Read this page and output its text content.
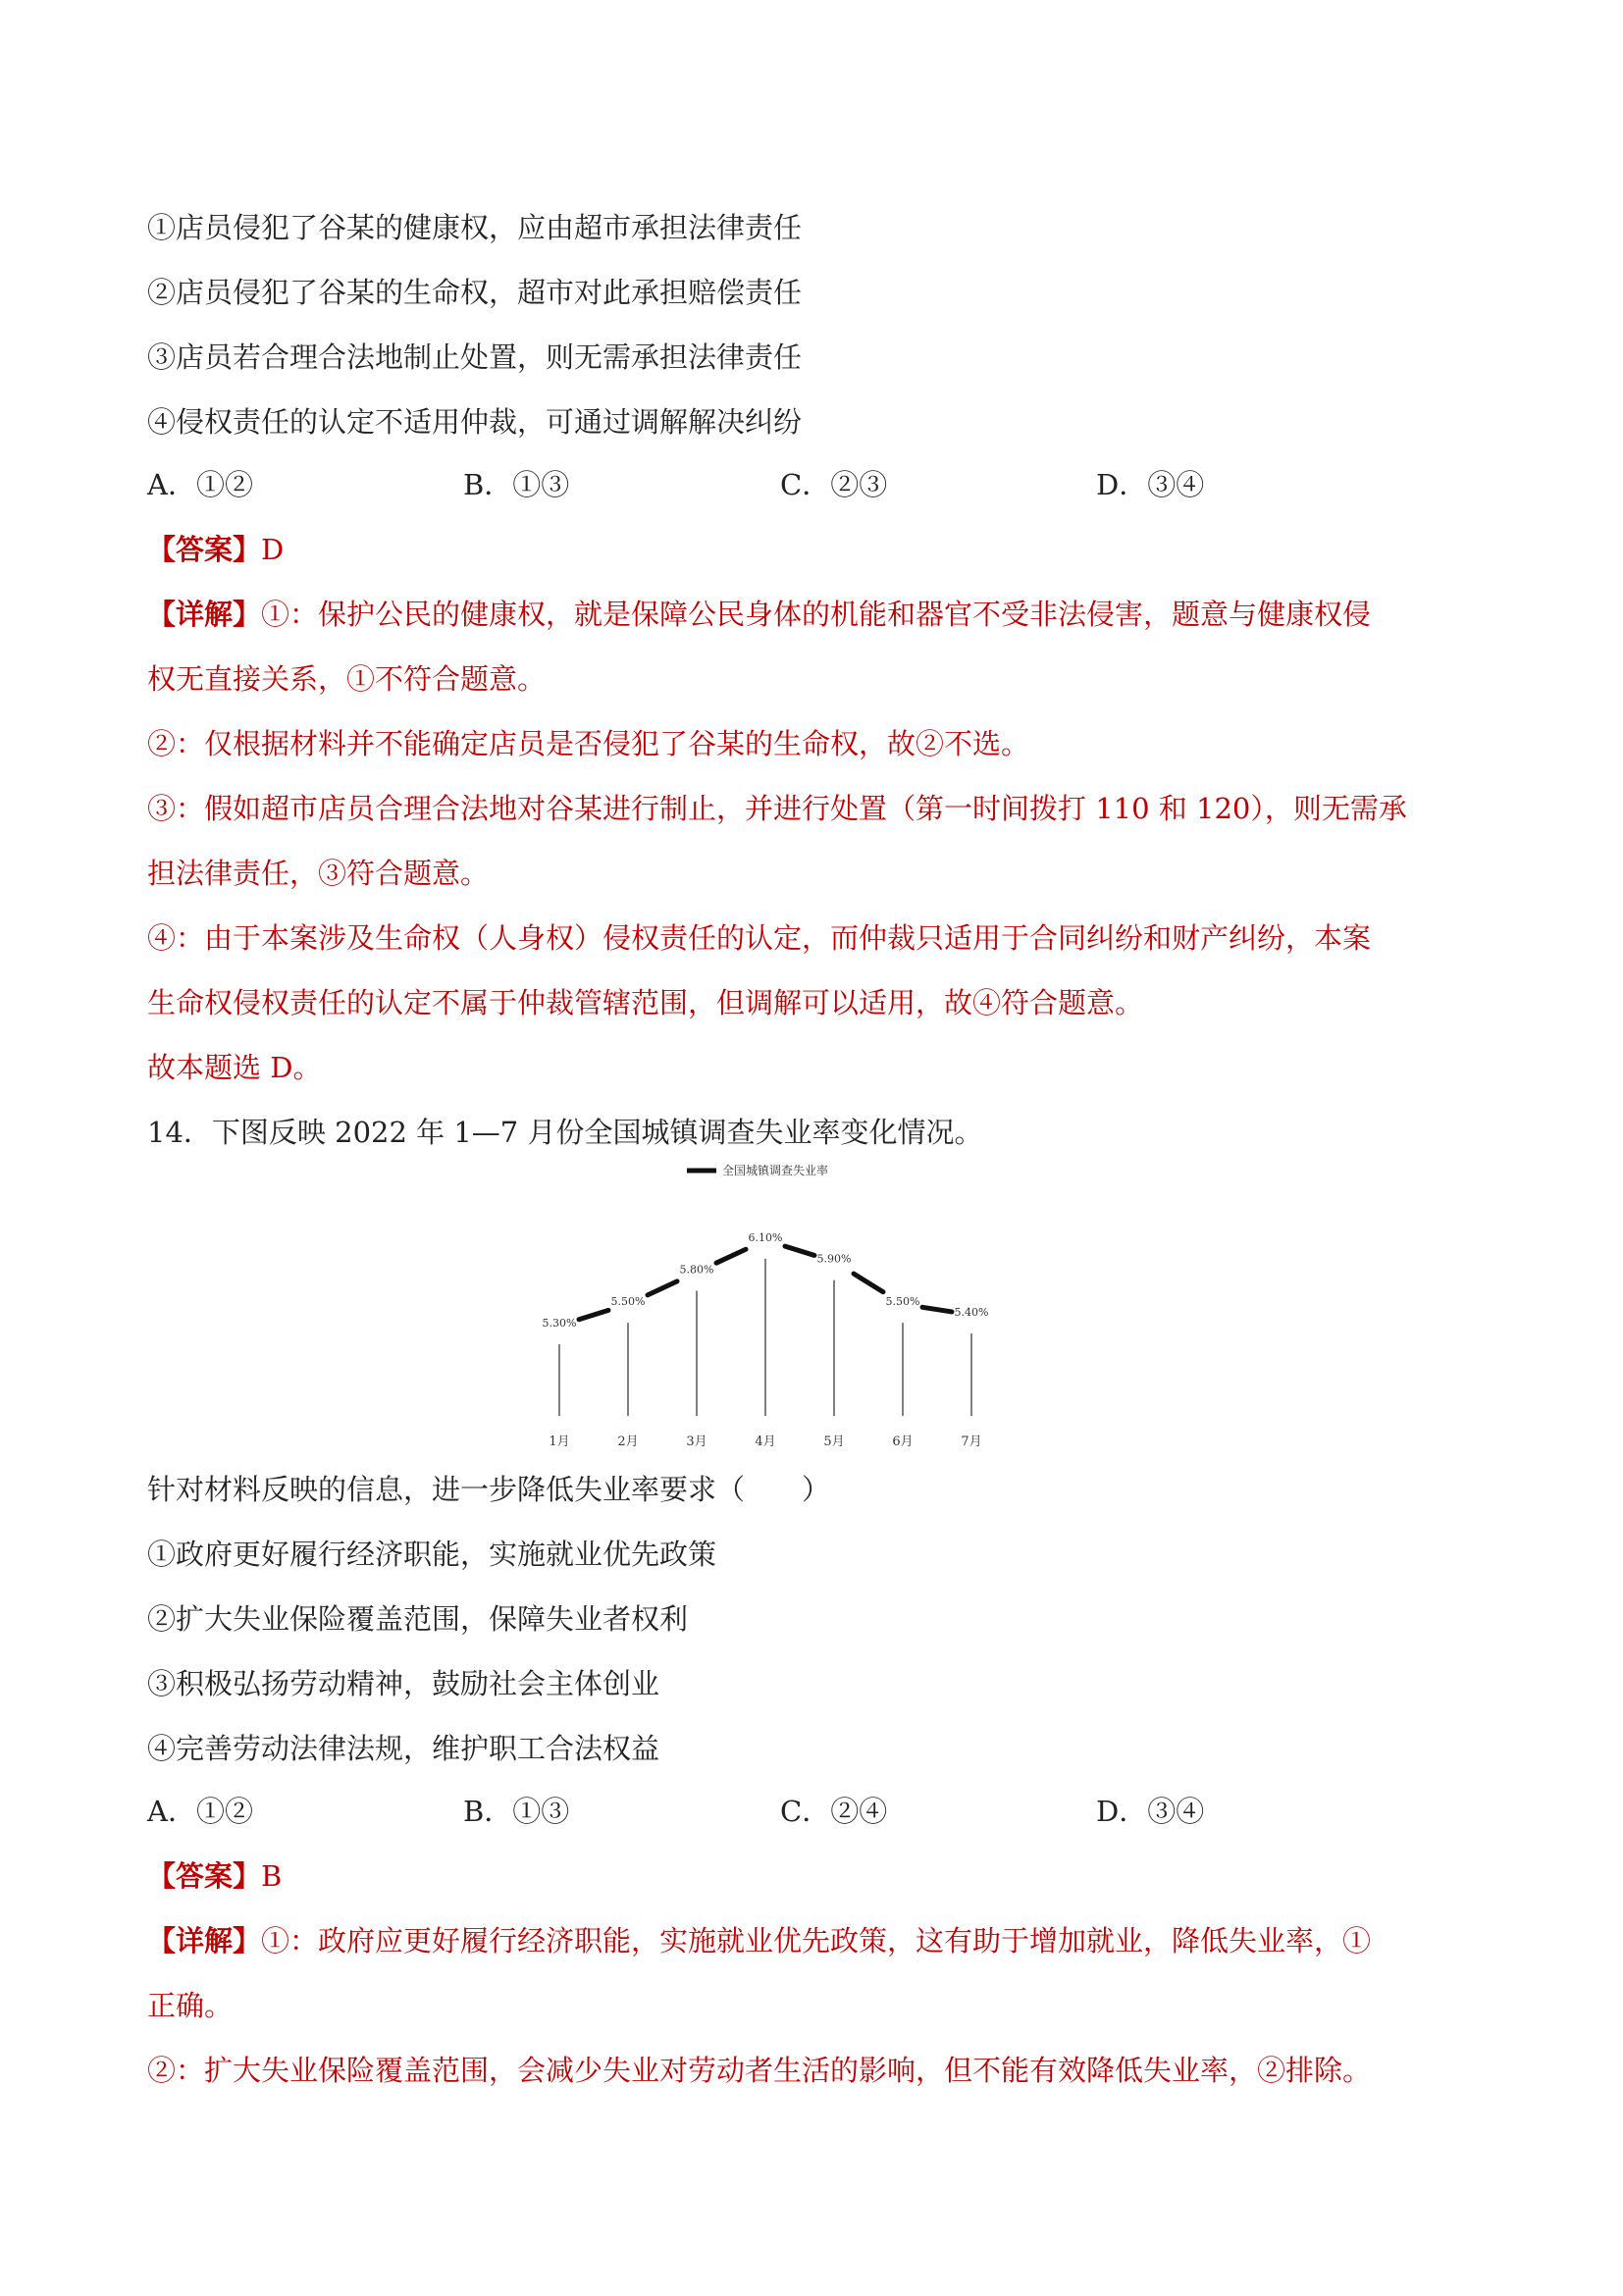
①店员侵犯了谷某的健康权，应由超市承担法律责任
②店员侵犯了谷某的生命权，超市对此承担赔偿责任
③店员若合理合法地制止处置，则无需承担法律责任
④侵权责任的认定不适用仲裁，可通过调解解决纠纷
A．①②	B．①③	C．②③	D．③④
【答案】D
【详解】①：保护公民的健康权，就是保障公民身体的机能和器官不受非法侵害，题意与健康权侵
权无直接关系，①不符合题意。
②：仅根据材料并不能确定店员是否侵犯了谷某的生命权，故②不选。
③：假如超市店员合理合法地对谷某进行制止，并进行处置（第一时间拨打 110 和 120），则无需承
担法律责任，③符合题意。
④：由于本案涉及生命权（人身权）侵权责任的认定，而仲裁只适用于合同纠纷和财产纠纷，本案
生命权侵权责任的认定不属于仲裁管辖范围，但调解可以适用，故④符合题意。
故本题选 D。
14．下图反映 2022 年 1—7 月份全国城镇调查失业率变化情况。
全国城镇调查失业率
5.30%
5.50%
5.80%
6.10%
5.90%
5.50%
5.40%
1月	2月	3月	4月	5月	6月	7月
针对材料反映的信息，进一步降低失业率要求（　　）
①政府更好履行经济职能，实施就业优先政策
②扩大失业保险覆盖范围，保障失业者权利
③积极弘扬劳动精神，鼓励社会主体创业
④完善劳动法律法规，维护职工合法权益
A．①②	B．①③	C．②④	D．③④
【答案】B
【详解】①：政府应更好履行经济职能，实施就业优先政策，这有助于增加就业，降低失业率，①
正确。
②：扩大失业保险覆盖范围，会减少失业对劳动者生活的影响，但不能有效降低失业率，②排除。
